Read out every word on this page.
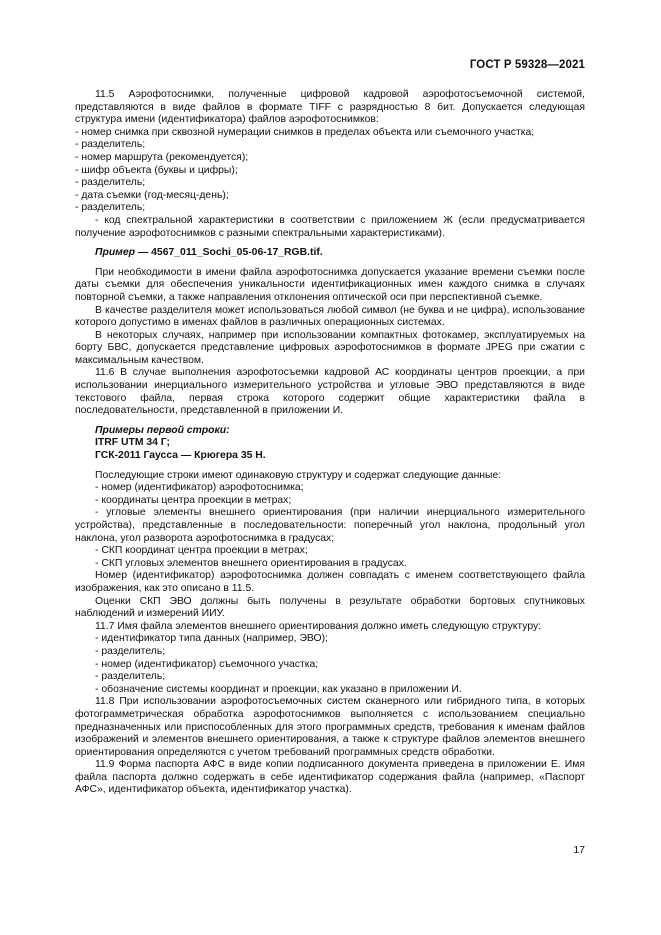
ГОСТ Р 59328—2021

11.5 Аэрофотоснимки, полученные цифровой кадровой аэрофотосъемочной системой, представляются в виде файлов в формате TIFF с разрядностью 8 бит. Допускается следующая структура имени (идентификатора) файлов аэрофотоснимков:

- номер снимка при сквозной нумерации снимков в пределах объекта или съемочного участка;

- разделитель;

- номер маршрута (рекомендуется);

- шифр объекта (буквы и цифры);

- разделитель;

- дата съемки (год-месяц-день);

- разделитель;

- код спектральной характеристики в соответствии с приложением Ж (если предусматривается получение аэрофотоснимков с разными спектральными характеристиками).

Пример — 4567_011_Sochi_05-06-17_RGB.tif.

При необходимости в имени файла аэрофотоснимка допускается указание времени съемки после даты съемки для обеспечения уникальности идентификационных имен каждого снимка в случаях повторной съемки, а также направления отклонения оптической оси при перспективной съемке.

В качестве разделителя может использоваться любой символ (не буква и не цифра), использование которого допустимо в именах файлов в различных операционных системах.

В некоторых случаях, например при использовании компактных фотокамер, эксплуатируемых на борту БВС, допускается представление цифровых аэрофотоснимков в формате JPEG при сжатии с максимальным качеством.

11.6 В случае выполнения аэрофотосъемки кадровой АС координаты центров проекции, а при использовании инерциального измерительного устройства и угловые ЭВО представляются в виде текстового файла, первая строка которого содержит общие характеристики файла в последовательности, представленной в приложении И.

Примеры первой строки:

ITRF UTM 34 Г;

ГСК-2011 Гаусса — Крюгера 35 Н.

Последующие строки имеют одинаковую структуру и содержат следующие данные:

- номер (идентификатор) аэрофотоснимка;

- координаты центра проекции в метрах;

- угловые элементы внешнего ориентирования (при наличии инерциального измерительного устройства), представленные в последовательности: поперечный угол наклона, продольный угол наклона, угол разворота аэрофотоснимка в градусах;

- СКП координат центра проекции в метрах;

- СКП угловых элементов внешнего ориентирования в градусах.

Номер (идентификатор) аэрофотоснимка должен совпадать с именем соответствующего файла изображения, как это описано в 11.5.

Оценки СКП ЭВО должны быть получены в результате обработки бортовых спутниковых наблюдений и измерений ИИУ.

11.7 Имя файла элементов внешнего ориентирования должно иметь следующую структуру:

- идентификатор типа данных (например, ЭВО);

- разделитель;

- номер (идентификатор) съемочного участка;

- разделитель;

- обозначение системы координат и проекции, как указано в приложении И.

11.8 При использовании аэрофотосъемочных систем сканерного или гибридного типа, в которых фотограмметрическая обработка аэрофотоснимков выполняется с использованием специально предназначенных или приспособленных для этого программных средств, требования к именам файлов изображений и элементов внешнего ориентирования, а также к структуре файлов элементов внешнего ориентирования определяются с учетом требований программных средств обработки.

11.9 Форма паспорта АФС в виде копии подписанного документа приведена в приложении Е. Имя файла паспорта должно содержать в себе идентификатор содержания файла (например, «Паспорт АФС», идентификатор объекта, идентификатор участка).

17
